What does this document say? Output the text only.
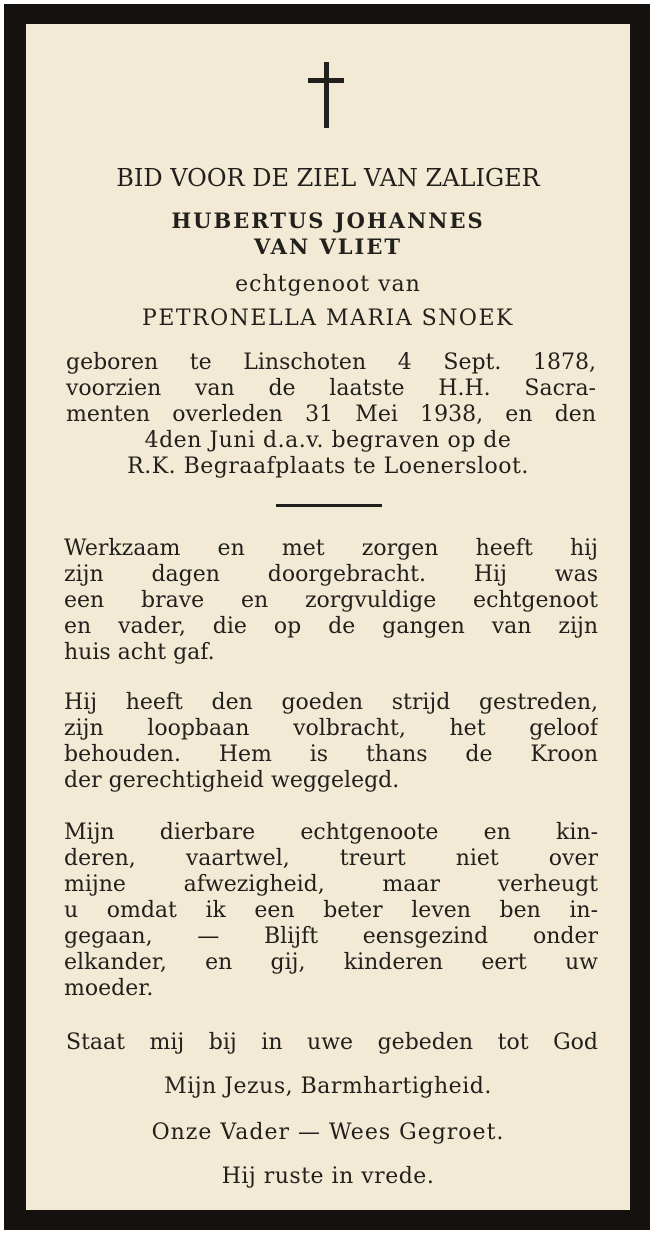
BID VOOR DE ZIEL VAN ZALIGER
HUBERTUS JOHANNES
VAN VLIET
echtgenoot van
PETRONELLA MARIA SNOEK
geboren te Linschoten 4 Sept. 1878,
voorzien van de laatste H.H. Sacra-
menten overleden 31 Mei 1938, en den
4den Juni d.a.v. begraven op de
R.K. Begraafplaats te Loenersloot.
Werkzaam en met zorgen heeft hij
zijn dagen doorgebracht. Hij was
een brave en zorgvuldige echtgenoot
en vader, die op de gangen van zijn
huis acht gaf.
Hij heeft den goeden strijd gestreden,
zijn loopbaan volbracht, het geloof
behouden. Hem is thans de Kroon
der gerechtigheid weggelegd.
Mijn dierbare echtgenoote en kin-
deren, vaartwel, treurt niet over
mijne afwezigheid, maar verheugt
u omdat ik een beter leven ben in-
gegaan, — Blijft eensgezind onder
elkander, en gij, kinderen eert uw
moeder.
Staat mij bij in uwe gebeden tot God
Mijn Jezus, Barmhartigheid.
Onze Vader — Wees Gegroet.
Hij ruste in vrede.
